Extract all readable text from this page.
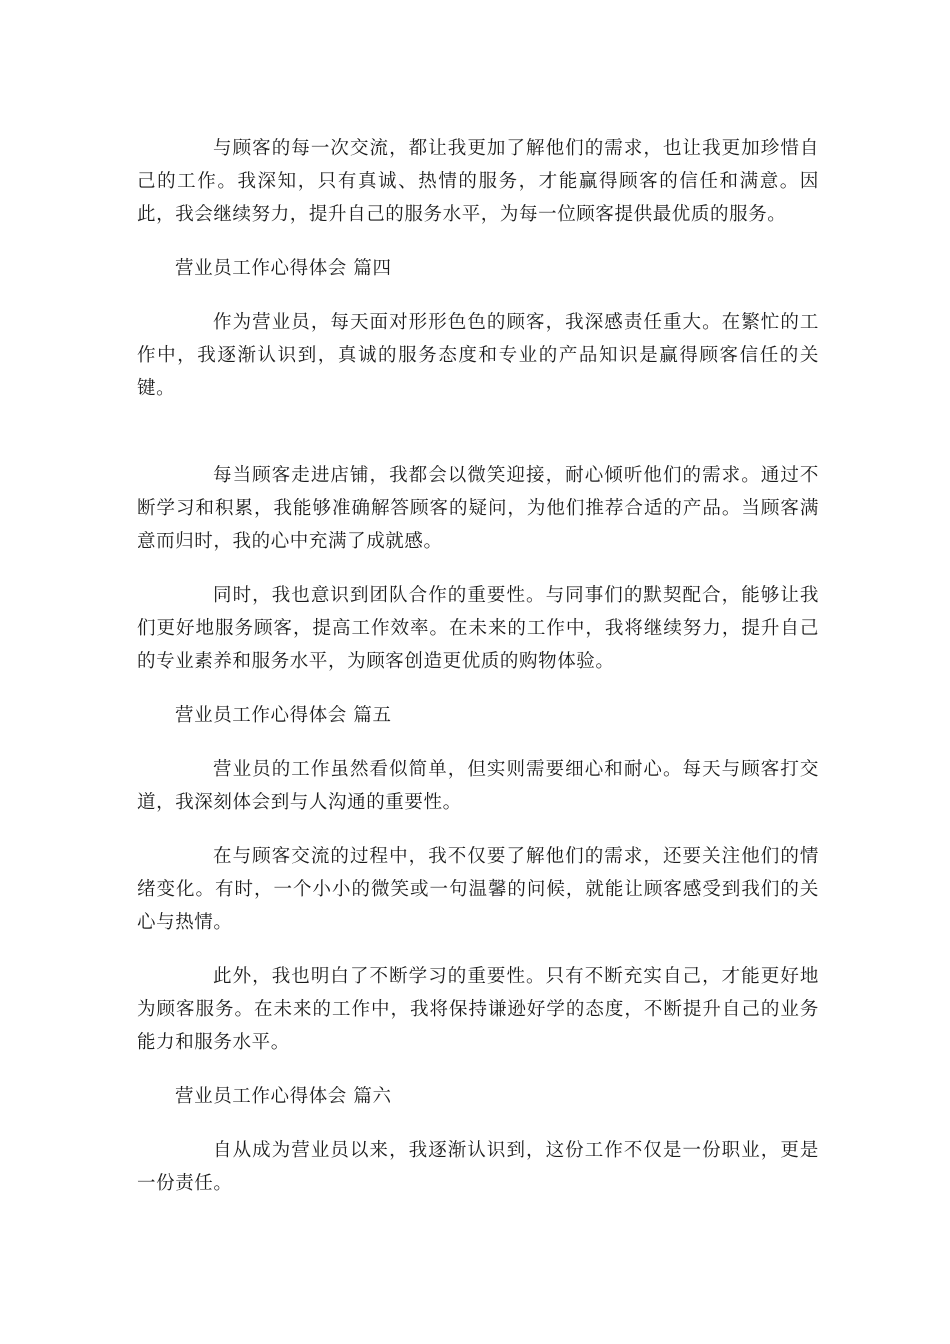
与顾客的每一次交流，都让我更加了解他们的需求，也让我更加珍惜自己的工作。我深知，只有真诚、热情的服务，才能赢得顾客的信任和满意。因此，我会继续努力，提升自己的服务水平，为每一位顾客提供最优质的服务。

营业员工作心得体会 篇四

作为营业员，每天面对形形色色的顾客，我深感责任重大。在繁忙的工作中，我逐渐认识到，真诚的服务态度和专业的产品知识是赢得顾客信任的关键。

每当顾客走进店铺，我都会以微笑迎接，耐心倾听他们的需求。通过不断学习和积累，我能够准确解答顾客的疑问，为他们推荐合适的产品。当顾客满意而归时，我的心中充满了成就感。

同时，我也意识到团队合作的重要性。与同事们的默契配合，能够让我们更好地服务顾客，提高工作效率。在未来的工作中，我将继续努力，提升自己的专业素养和服务水平，为顾客创造更优质的购物体验。

营业员工作心得体会 篇五

营业员的工作虽然看似简单，但实则需要细心和耐心。每天与顾客打交道，我深刻体会到与人沟通的重要性。

在与顾客交流的过程中，我不仅要了解他们的需求，还要关注他们的情绪变化。有时，一个小小的微笑或一句温馨的问候，就能让顾客感受到我们的关心与热情。

此外，我也明白了不断学习的重要性。只有不断充实自己，才能更好地为顾客服务。在未来的工作中，我将保持谦逊好学的态度，不断提升自己的业务能力和服务水平。

营业员工作心得体会 篇六

自从成为营业员以来，我逐渐认识到，这份工作不仅是一份职业，更是一份责任。
